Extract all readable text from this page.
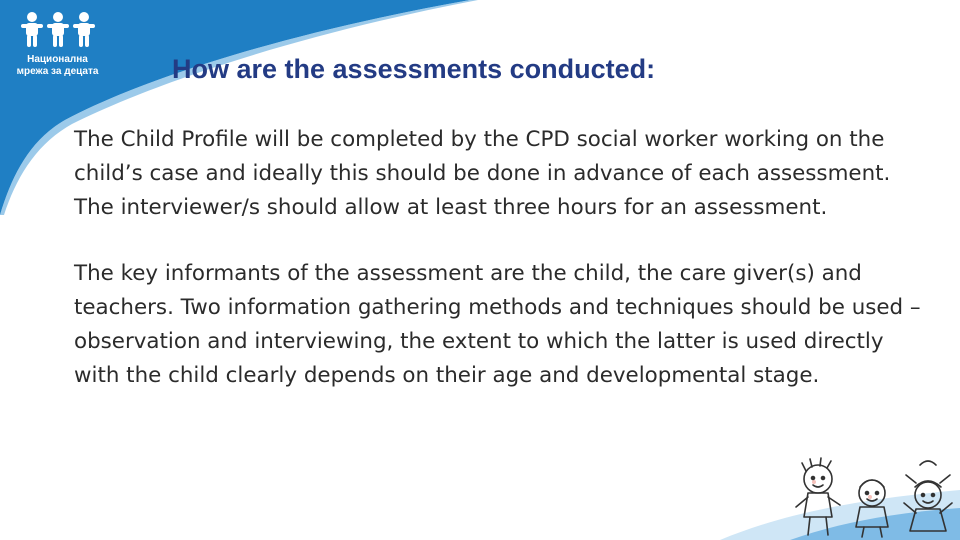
Национална
мрежа за децата	How are the assessments conducted:

The Child Profile will be completed by the CPD social worker working on the child’s case and ideally this should be done in advance of each assessment. The interviewer/s should allow at least three hours for an assessment.

The key informants of the assessment are the child, the care giver(s) and teachers. Two information gathering methods and techniques should be used – observation and interviewing, the extent to which the latter is used directly with the child clearly depends on their age and developmental stage.
